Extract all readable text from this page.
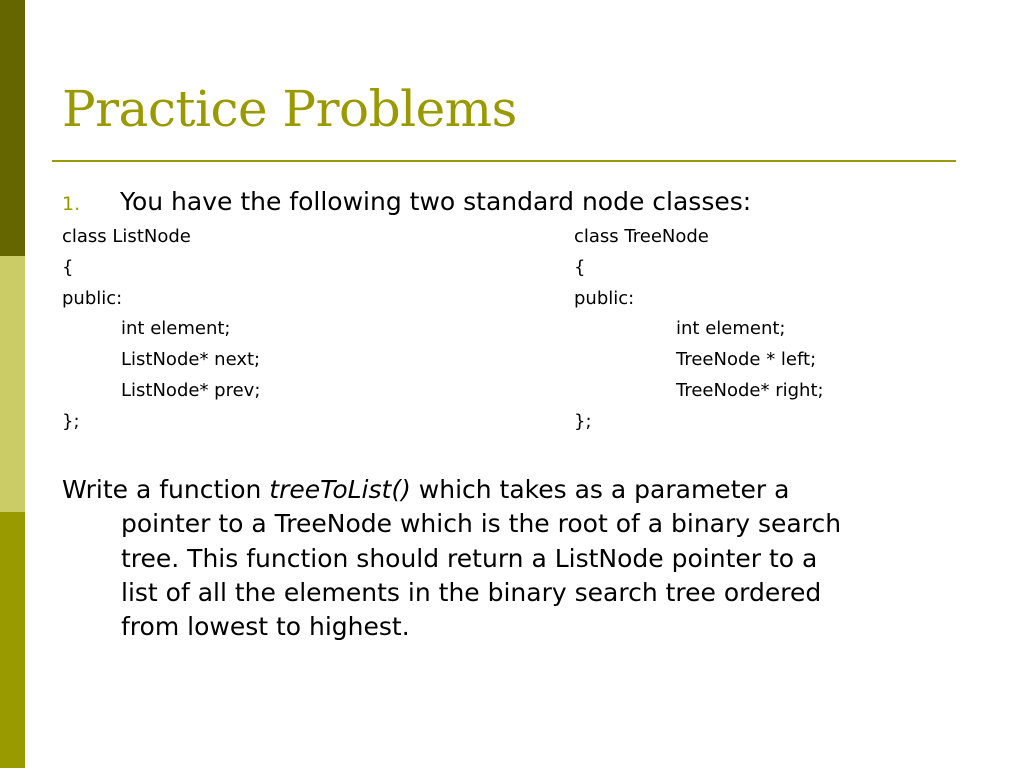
Practice Problems
1. You have the following two standard node classes:
class ListNode
{
public:
int element;
ListNode* next;
ListNode* prev;
};
class TreeNode
{
public:
int element;
TreeNode * left;
TreeNode* right;
};
Write a function treeToList() which takes as a parameter a
pointer to a TreeNode which is the root of a binary search
tree. This function should return a ListNode pointer to a
list of all the elements in the binary search tree ordered
from lowest to highest.
